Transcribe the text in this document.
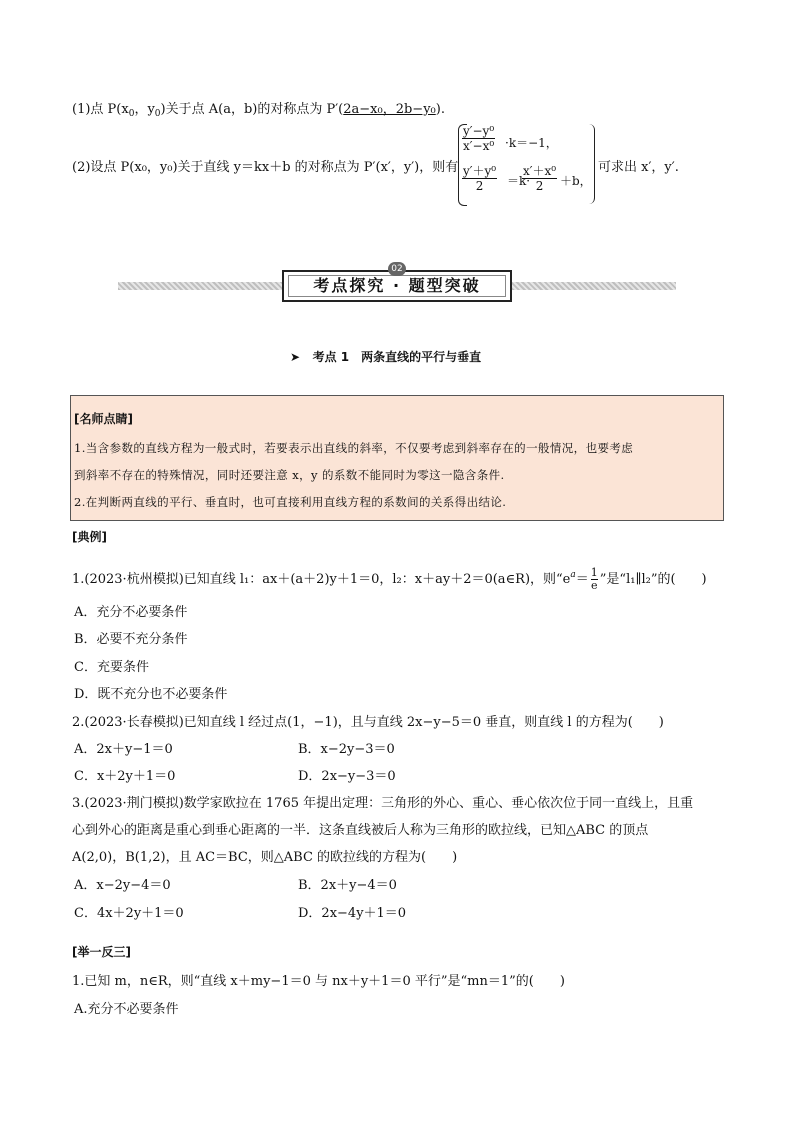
(1)点 $P(x_0$，$y_0$)关于点 A(a，b)的对称点为 P′(2a−x₀，2b−y₀).
(2)设点 P(x₀，y₀)关于直线 y＝kx＋b 的对称点为 P′(x′，y′)，则有
$\frac{\text{y′−y⁰}}{\text{x′−x⁰}} \cdot k=-1$，
$\frac{\text{y′＋y⁰}}{2} =k\cdot$
$\frac{\text{x′＋x⁰}}{2} +b$，
可求出 x′，y′.
考点探究 · 题型突破
02
➤ 考点 1　两条直线的平行与垂直
[名师点睛]
1.当含参数的直线方程为一般式时，若要表示出直线的斜率，不仅要考虑到斜率存在的一般情况，也要考虑
到斜率不存在的特殊情况，同时还要注意 x，y 的系数不能同时为零这一隐含条件.
2.在判断两直线的平行、垂直时，也可直接利用直线方程的系数间的关系得出结论.
[典例]
1.(2023·杭州模拟)已知直线 l₁：ax＋(a＋2)y＋1＝0，l₂：x＋ay＋2＝0(a∈R)，则“$e^a= \frac{1}{e}$ ”是“l₁∥l₂”的(　　)
A．充分不必要条件
B．必要不充分条件
C．充要条件
D．既不充分也不必要条件
2.(2023·长春模拟)已知直线 l 经过点(1，−1)，且与直线 2x−y−5＝0 垂直，则直线 l 的方程为(　　)
A．2x＋y−1＝0	B．x−2y−3＝0
C．x＋2y＋1＝0	D．2x−y−3＝0
3.(2023·荆门模拟)数学家欧拉在 1765 年提出定理：三角形的外心、重心、垂心依次位于同一直线上，且重
心到外心的距离是重心到垂心距离的一半．这条直线被后人称为三角形的欧拉线，已知△ABC 的顶点
A(2,0)，B(1,2)，且 AC＝BC，则△ABC 的欧拉线的方程为(　　)
A．x−2y−4＝0	B．2x＋y−4＝0
C．4x＋2y＋1＝0	D．2x−4y＋1＝0
[举一反三]
1.已知 m，n∈R，则“直线 x＋my−1＝0 与 nx＋y＋1＝0 平行”是“mn＝1”的(　　)
A.充分不必要条件
